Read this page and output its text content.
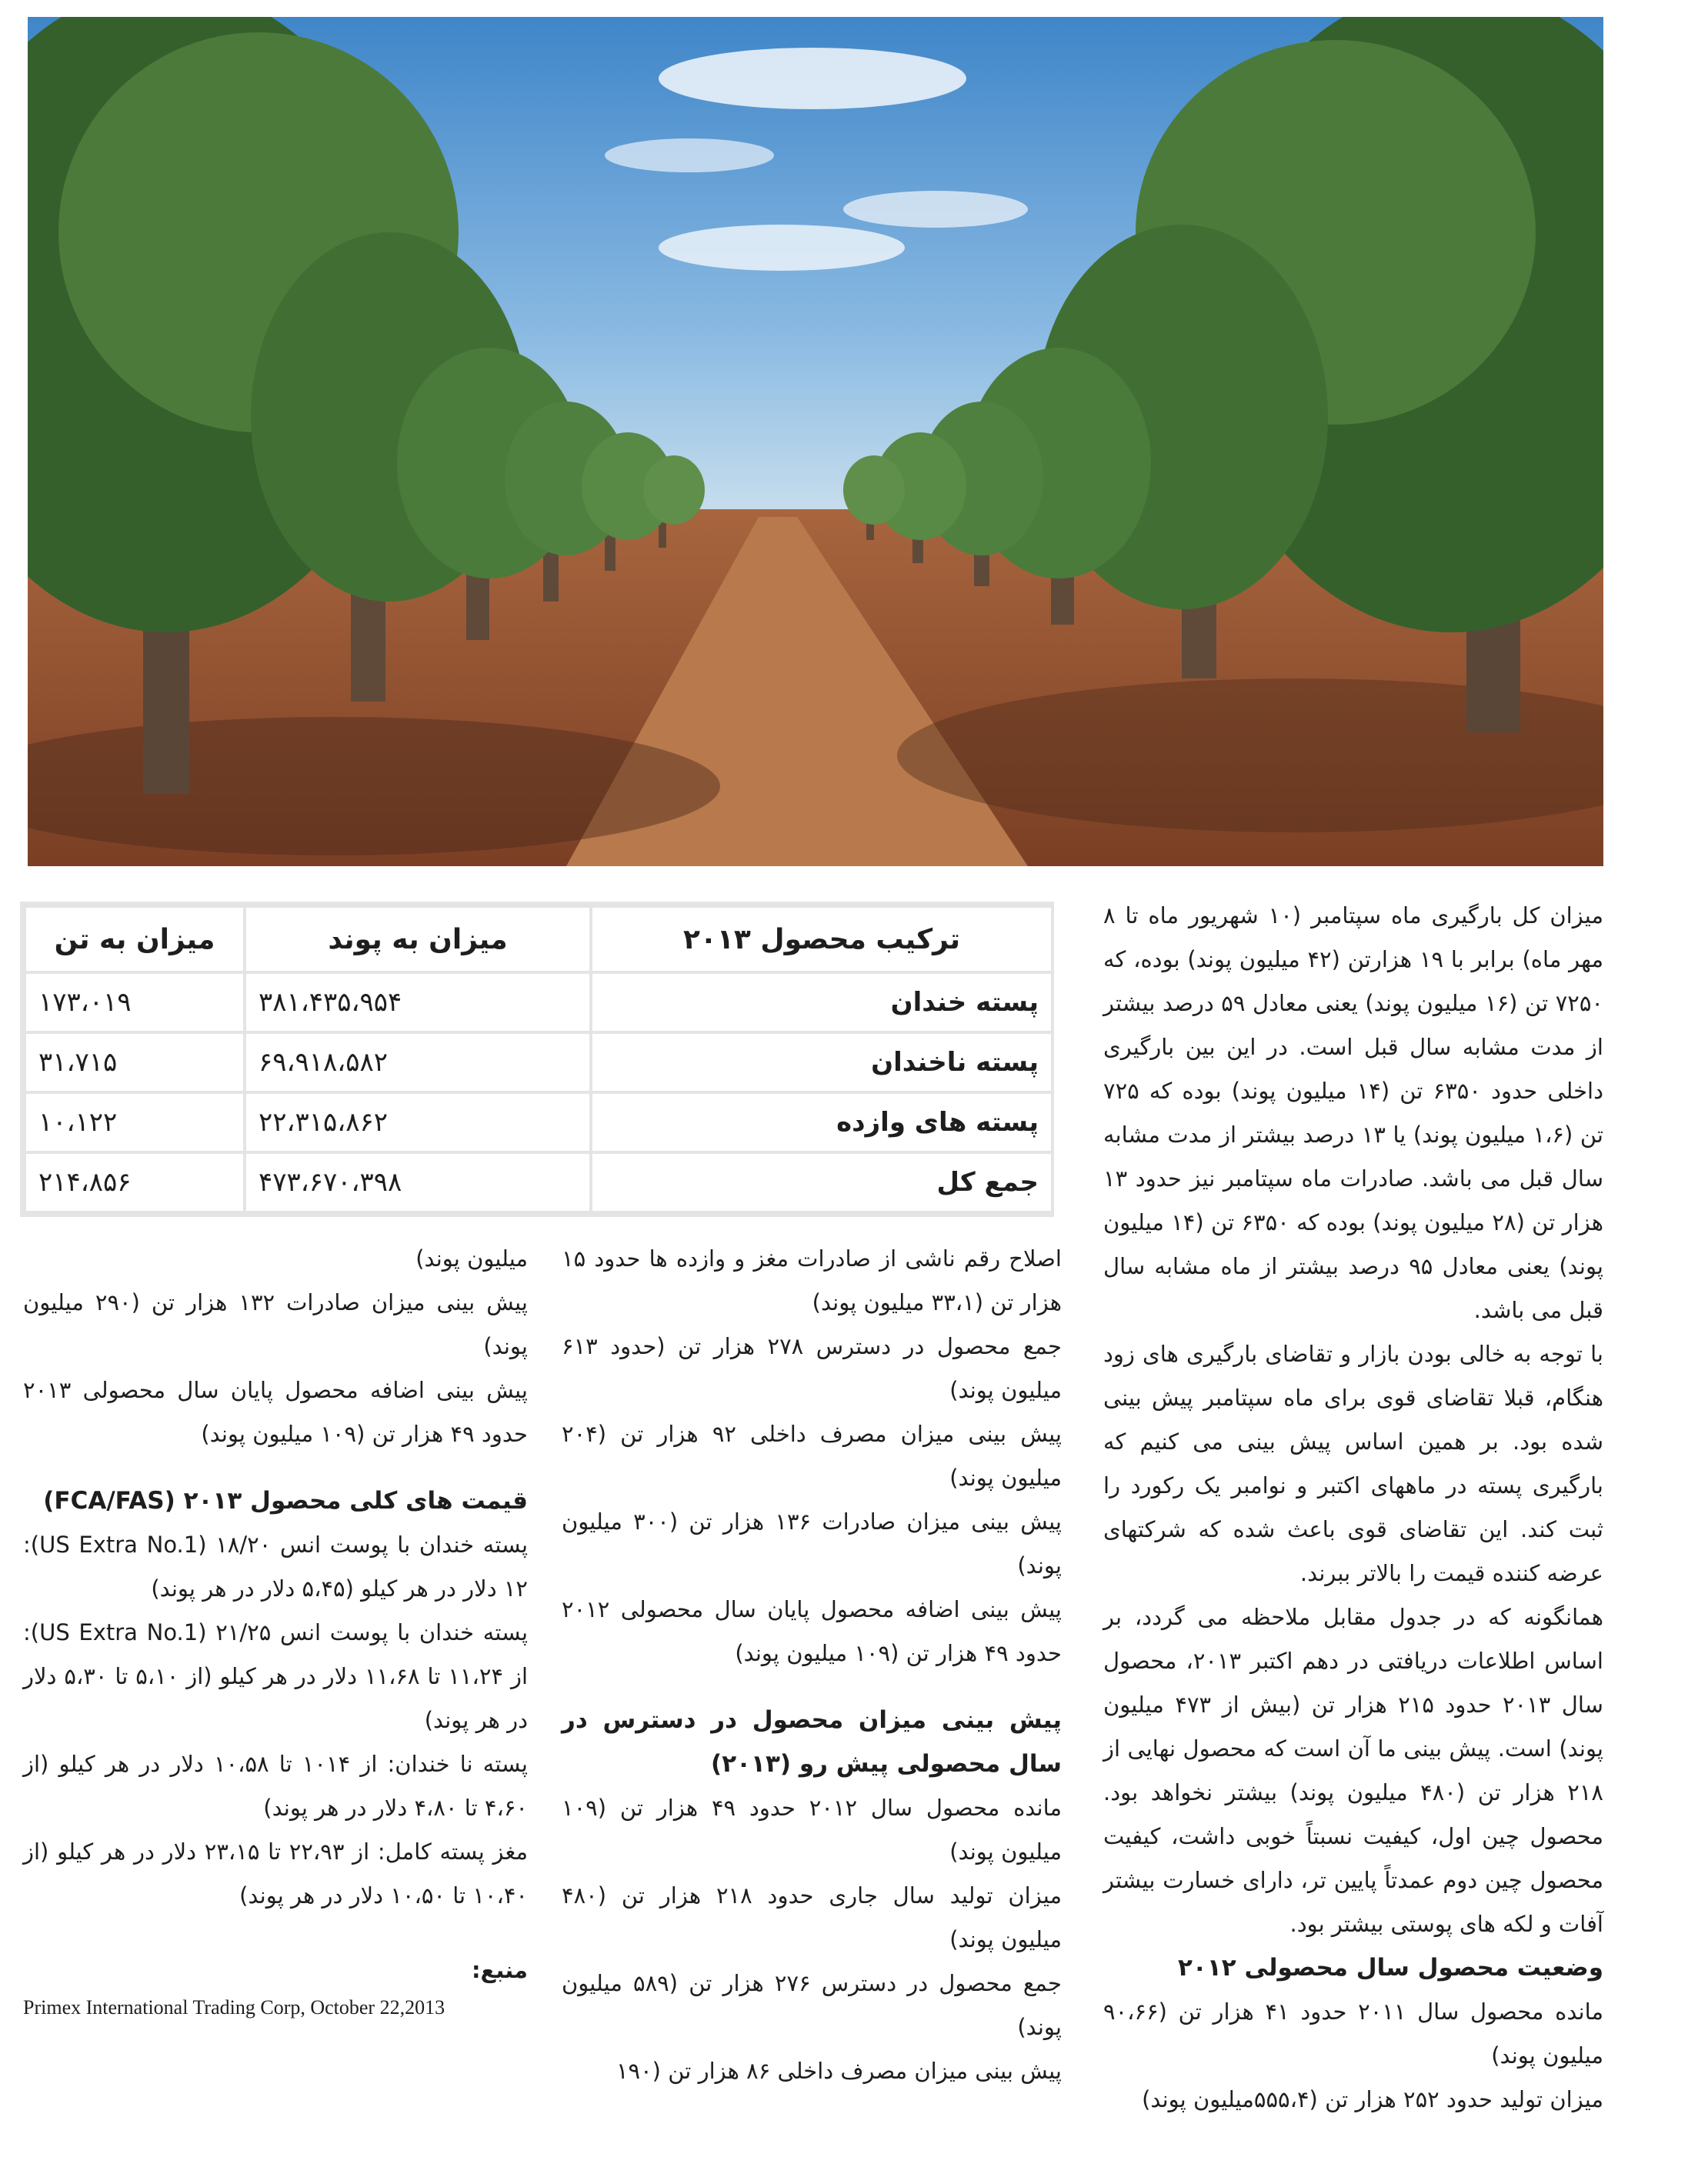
ترکیب محصول ۲۰۱۳	میزان به پوند	میزان به تن
پسته خندان	۳۸۱،۴۳۵،۹۵۴	۱۷۳،۰۱۹
پسته ناخندان	۶۹،۹۱۸،۵۸۲	۳۱،۷۱۵
پسته های وازده	۲۲،۳۱۵،۸۶۲	۱۰،۱۲۲
جمع کل	۴۷۳،۶۷۰،۳۹۸	۲۱۴،۸۵۶

میزان کل بارگیری ماه سپتامبر (۱۰ شهریور ماه تا ۸ مهر ماه) برابر با ۱۹ هزارتن (۴۲ میلیون پوند) بوده، که ۷۲۵۰ تن (۱۶ میلیون پوند) یعنی معادل ۵۹ درصد بیشتر از مدت مشابه سال قبل است. در این بین بارگیری داخلی حدود ۶۳۵۰ تن (۱۴ میلیون پوند) بوده که ۷۲۵ تن (۱،۶ میلیون پوند) یا ۱۳ درصد بیشتر از مدت مشابه سال قبل می باشد. صادرات ماه سپتامبر نیز حدود ۱۳ هزار تن (۲۸ میلیون پوند) بوده که ۶۳۵۰ تن (۱۴ میلیون پوند) یعنی معادل ۹۵ درصد بیشتر از ماه مشابه سال قبل می باشد.

با توجه به خالی بودن بازار و تقاضای بارگیری های زود هنگام، قبلا تقاضای قوی برای ماه سپتامبر پیش بینی شده بود. بر همین اساس پیش بینی می کنیم که بارگیری پسته در ماههای اکتبر و نوامبر یک رکورد را ثبت کند. این تقاضای قوی باعث شده که شرکتهای عرضه کننده قیمت را بالاتر ببرند.

همانگونه که در جدول مقابل ملاحظه می گردد، بر اساس اطلاعات دریافتی در دهم اکتبر ۲۰۱۳، محصول سال ۲۰۱۳ حدود ۲۱۵ هزار تن (بیش از ۴۷۳ میلیون پوند) است. پیش بینی ما آن است که محصول نهایی از ۲۱۸ هزار تن (۴۸۰ میلیون پوند) بیشتر نخواهد بود. محصول چین اول، کیفیت نسبتاً خوبی داشت، کیفیت محصول چین دوم عمدتاً پایین تر، دارای خسارت بیشتر آفات و لکه های پوستی بیشتر بود.

وضعیت محصول سال محصولی ۲۰۱۲

مانده محصول سال ۲۰۱۱ حدود ۴۱ هزار تن (۹۰،۶۶ میلیون پوند)

میزان تولید حدود ۲۵۲ هزار تن (۵۵۵،۴میلیون پوند)

اصلاح رقم ناشی از صادرات مغز و وازده ها حدود ۱۵ هزار تن (۳۳،۱ میلیون پوند)

جمع محصول در دسترس ۲۷۸ هزار تن (حدود ۶۱۳ میلیون پوند)

پیش بینی میزان مصرف داخلی ۹۲ هزار تن (۲۰۴ میلیون پوند)

پیش بینی میزان صادرات ۱۳۶ هزار تن (۳۰۰ میلیون پوند)

پیش بینی اضافه محصول پایان سال محصولی ۲۰۱۲ حدود ۴۹ هزار تن (۱۰۹ میلیون پوند)

پیش بینی میزان محصول در دسترس در سال محصولی پیش رو (۲۰۱۳)

مانده محصول سال ۲۰۱۲ حدود ۴۹ هزار تن (۱۰۹ میلیون پوند)

میزان تولید سال جاری حدود ۲۱۸ هزار تن (۴۸۰ میلیون پوند)

جمع محصول در دسترس ۲۷۶ هزار تن (۵۸۹ میلیون پوند)

پیش بینی میزان مصرف داخلی ۸۶ هزار تن (۱۹۰

میلیون پوند)

پیش بینی میزان صادرات ۱۳۲ هزار تن (۲۹۰ میلیون پوند)

پیش بینی اضافه محصول پایان سال محصولی ۲۰۱۳ حدود ۴۹ هزار تن (۱۰۹ میلیون پوند)

قیمت های کلی محصول ۲۰۱۳ (FCA/FAS)

پسته خندان با پوست انس ۱۸/۲۰ (US Extra No.1): ۱۲ دلار در هر کیلو (۵،۴۵ دلار در هر پوند)

پسته خندان با پوست انس ۲۱/۲۵ (US Extra No.1): از ۱۱،۲۴ تا ۱۱،۶۸ دلار در هر کیلو (از ۵،۱۰ تا ۵،۳۰ دلار در هر پوند)

پسته نا خندان: از ۱۰۱۴ تا ۱۰،۵۸ دلار در هر کیلو (از ۴،۶۰ تا ۴،۸۰ دلار در هر پوند)

مغز پسته کامل: از ۲۲،۹۳ تا ۲۳،۱۵ دلار در هر کیلو (از ۱۰،۴۰ تا ۱۰،۵۰ دلار در هر پوند)

منبع:

Primex International Trading Corp, October 22,2013
